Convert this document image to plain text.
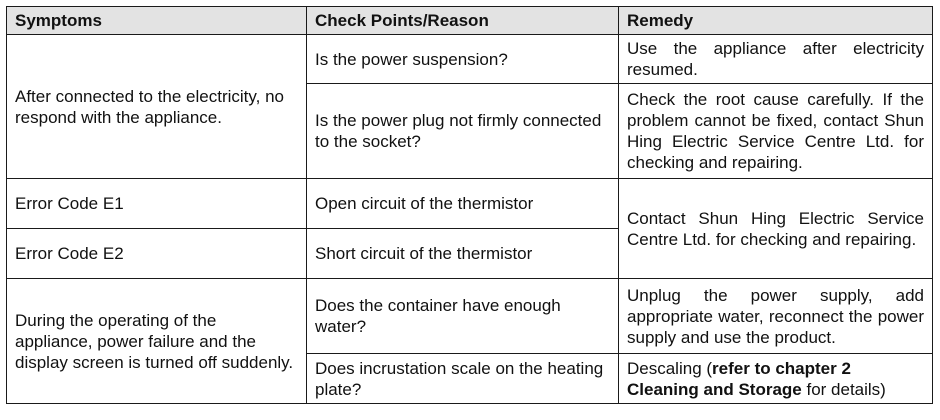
Symptoms	Check Points/Reason	Remedy
After connected to the electricity, no respond with the appliance.	Is the power suspension?	Use the appliance after electricity resumed.
	Is the power plug not firmly connected to the socket?	Check the root cause carefully. If the problem cannot be fixed, contact Shun Hing Electric Service Centre Ltd. for checking and repairing.
Error Code E1	Open circuit of the thermistor	Contact Shun Hing Electric Service Centre Ltd. for checking and repairing.
Error Code E2	Short circuit of the thermistor	
During the operating of the appliance, power failure and the display screen is turned off suddenly.	Does the container have enough water?	Unplug the power supply, add appropriate water, reconnect the power supply and use the product.
	Does incrustation scale on the heating plate?	Descaling (refer to chapter 2 Cleaning and Storage for details)
